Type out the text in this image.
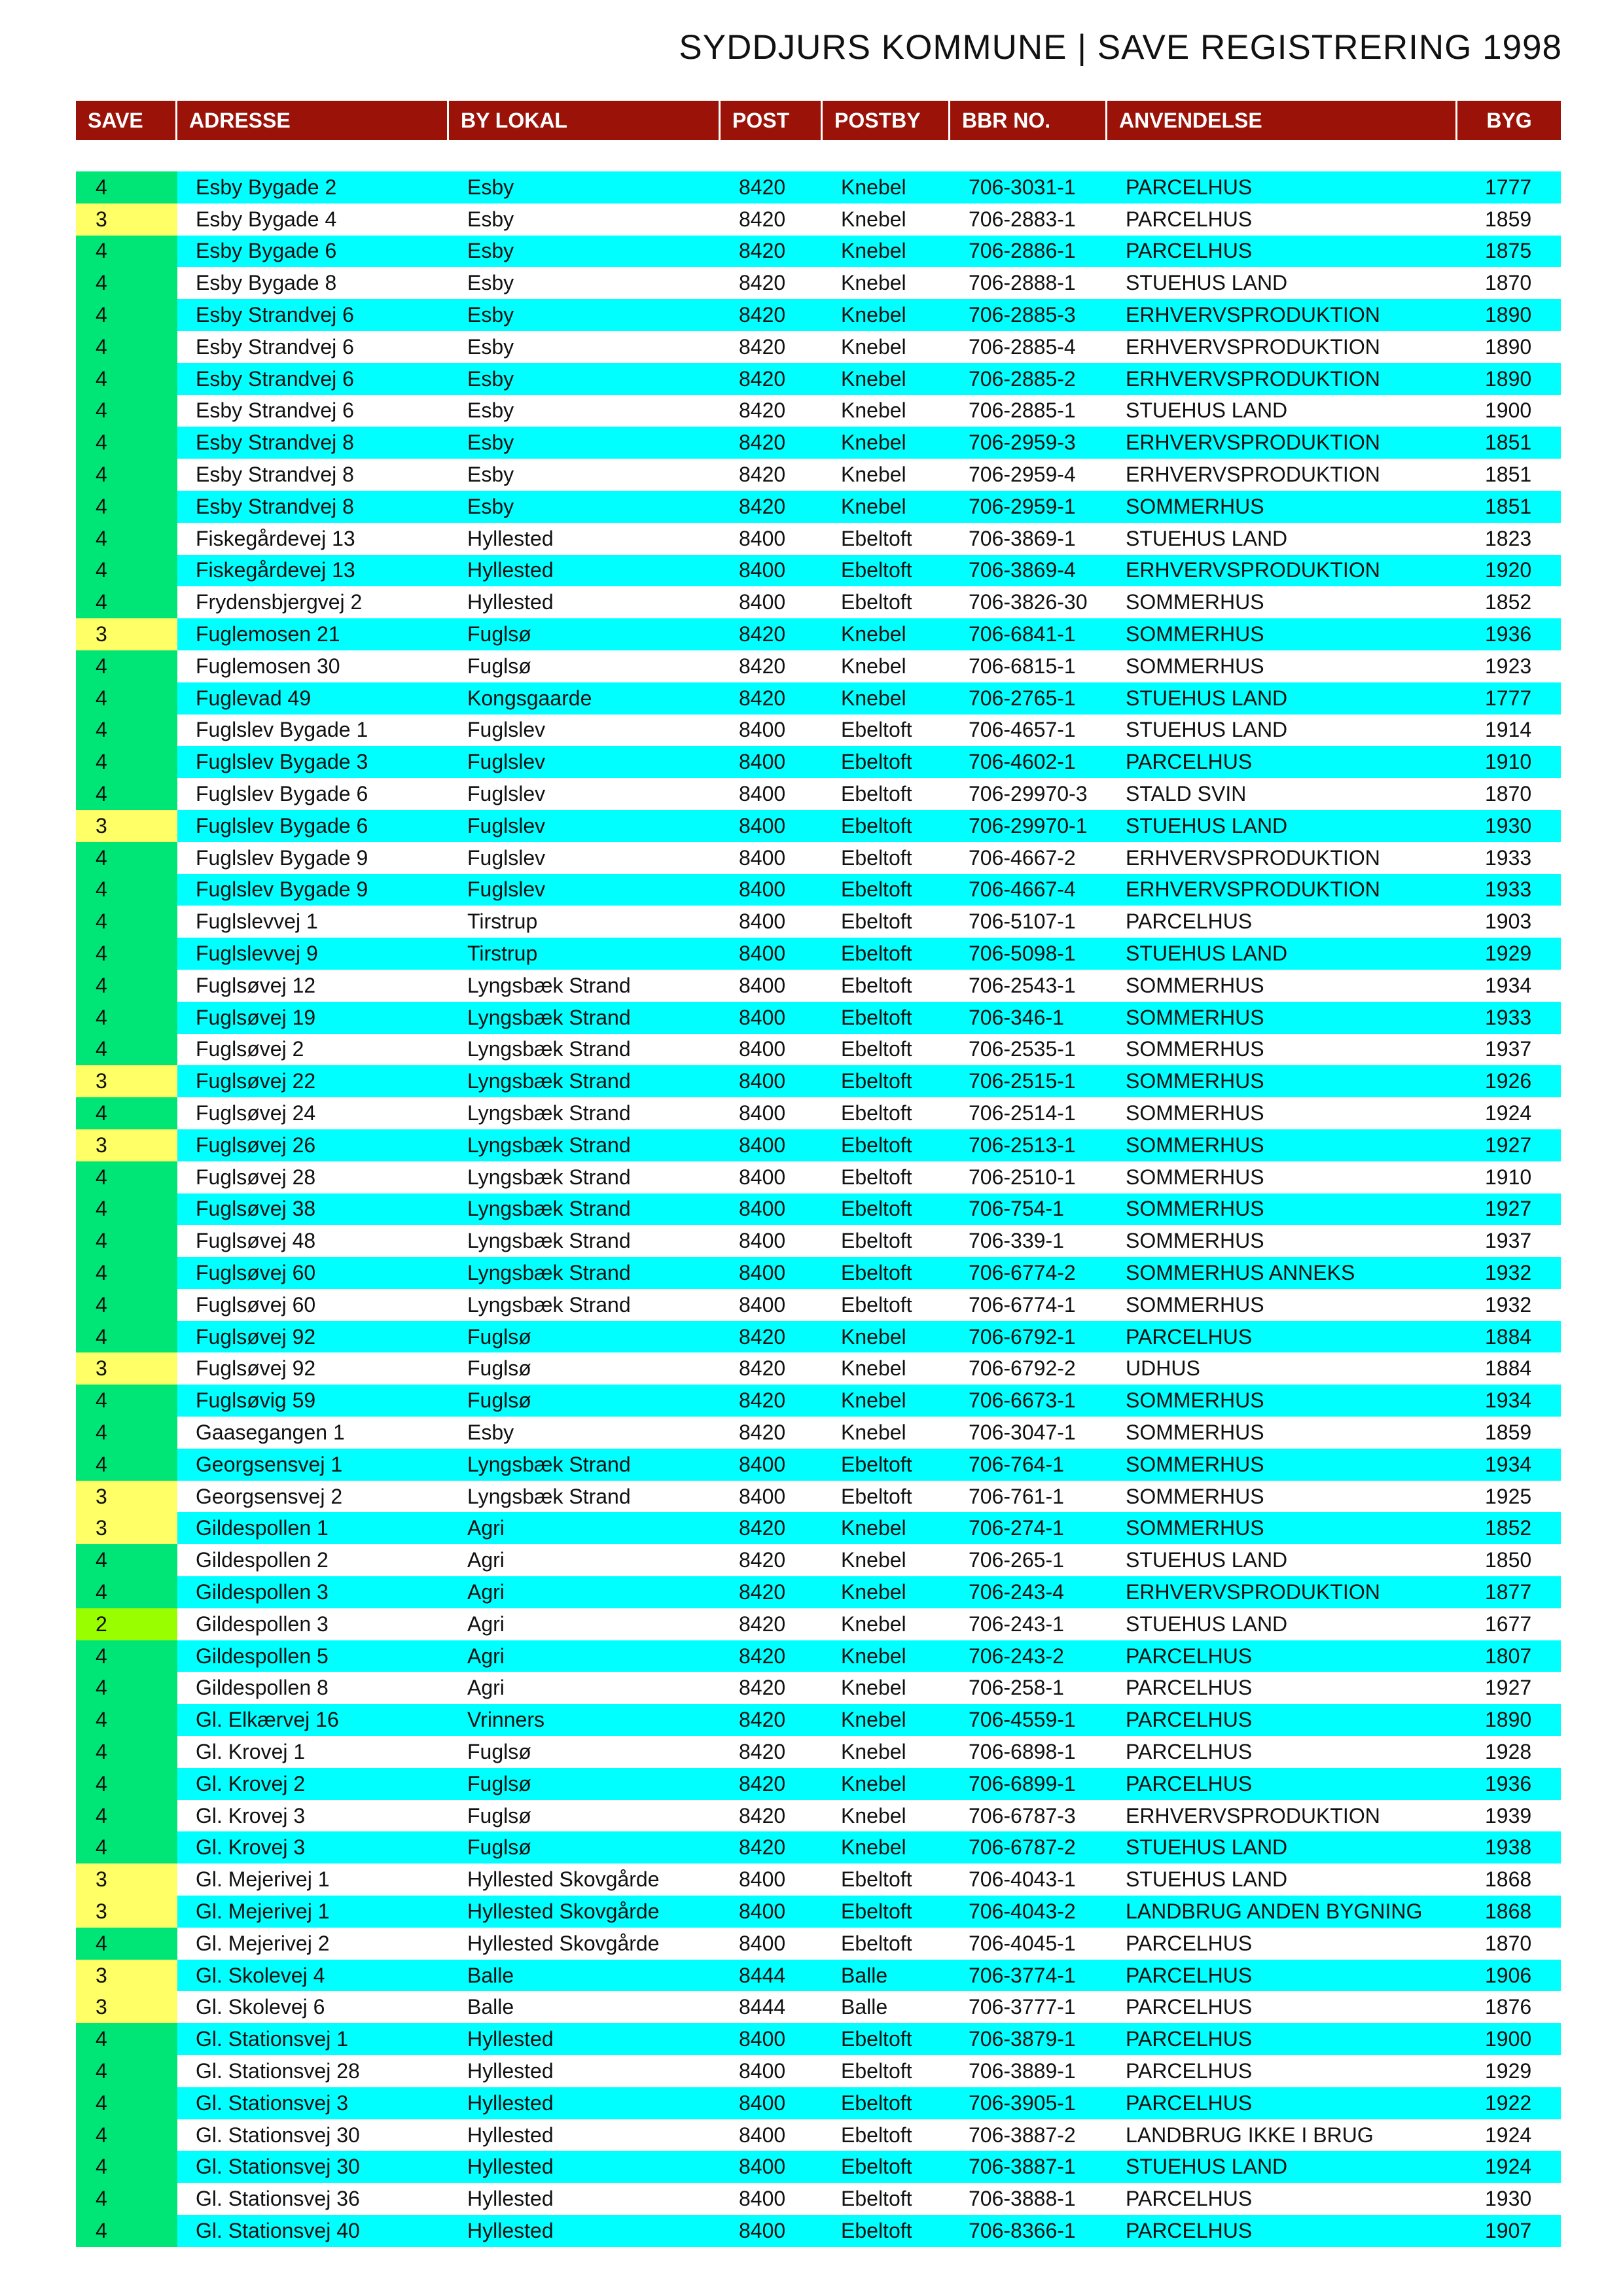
SYDDJURS KOMMUNE | SAVE REGISTRERING 1998
SAVE	ADRESSE	BY LOKAL	POST	POSTBY	BBR NO.	ANVENDELSE	BYG
4	Esby Bygade 2	Esby	8420	Knebel	706-3031-1	PARCELHUS	1777
3	Esby Bygade 4	Esby	8420	Knebel	706-2883-1	PARCELHUS	1859
4	Esby Bygade 6	Esby	8420	Knebel	706-2886-1	PARCELHUS	1875
4	Esby Bygade 8	Esby	8420	Knebel	706-2888-1	STUEHUS LAND	1870
4	Esby Strandvej 6	Esby	8420	Knebel	706-2885-3	ERHVERVSPRODUKTION	1890
4	Esby Strandvej 6	Esby	8420	Knebel	706-2885-4	ERHVERVSPRODUKTION	1890
4	Esby Strandvej 6	Esby	8420	Knebel	706-2885-2	ERHVERVSPRODUKTION	1890
4	Esby Strandvej 6	Esby	8420	Knebel	706-2885-1	STUEHUS LAND	1900
4	Esby Strandvej 8	Esby	8420	Knebel	706-2959-3	ERHVERVSPRODUKTION	1851
4	Esby Strandvej 8	Esby	8420	Knebel	706-2959-4	ERHVERVSPRODUKTION	1851
4	Esby Strandvej 8	Esby	8420	Knebel	706-2959-1	SOMMERHUS	1851
4	Fiskegårdevej 13	Hyllested	8400	Ebeltoft	706-3869-1	STUEHUS LAND	1823
4	Fiskegårdevej 13	Hyllested	8400	Ebeltoft	706-3869-4	ERHVERVSPRODUKTION	1920
4	Frydensbjergvej 2	Hyllested	8400	Ebeltoft	706-3826-30	SOMMERHUS	1852
3	Fuglemosen 21	Fuglsø	8420	Knebel	706-6841-1	SOMMERHUS	1936
4	Fuglemosen 30	Fuglsø	8420	Knebel	706-6815-1	SOMMERHUS	1923
4	Fuglevad 49	Kongsgaarde	8420	Knebel	706-2765-1	STUEHUS LAND	1777
4	Fuglslev Bygade 1	Fuglslev	8400	Ebeltoft	706-4657-1	STUEHUS LAND	1914
4	Fuglslev Bygade 3	Fuglslev	8400	Ebeltoft	706-4602-1	PARCELHUS	1910
4	Fuglslev Bygade 6	Fuglslev	8400	Ebeltoft	706-29970-3	STALD SVIN	1870
3	Fuglslev Bygade 6	Fuglslev	8400	Ebeltoft	706-29970-1	STUEHUS LAND	1930
4	Fuglslev Bygade 9	Fuglslev	8400	Ebeltoft	706-4667-2	ERHVERVSPRODUKTION	1933
4	Fuglslev Bygade 9	Fuglslev	8400	Ebeltoft	706-4667-4	ERHVERVSPRODUKTION	1933
4	Fuglslevvej 1	Tirstrup	8400	Ebeltoft	706-5107-1	PARCELHUS	1903
4	Fuglslevvej 9	Tirstrup	8400	Ebeltoft	706-5098-1	STUEHUS LAND	1929
4	Fuglsøvej 12	Lyngsbæk Strand	8400	Ebeltoft	706-2543-1	SOMMERHUS	1934
4	Fuglsøvej 19	Lyngsbæk Strand	8400	Ebeltoft	706-346-1	SOMMERHUS	1933
4	Fuglsøvej 2	Lyngsbæk Strand	8400	Ebeltoft	706-2535-1	SOMMERHUS	1937
3	Fuglsøvej 22	Lyngsbæk Strand	8400	Ebeltoft	706-2515-1	SOMMERHUS	1926
4	Fuglsøvej 24	Lyngsbæk Strand	8400	Ebeltoft	706-2514-1	SOMMERHUS	1924
3	Fuglsøvej 26	Lyngsbæk Strand	8400	Ebeltoft	706-2513-1	SOMMERHUS	1927
4	Fuglsøvej 28	Lyngsbæk Strand	8400	Ebeltoft	706-2510-1	SOMMERHUS	1910
4	Fuglsøvej 38	Lyngsbæk Strand	8400	Ebeltoft	706-754-1	SOMMERHUS	1927
4	Fuglsøvej 48	Lyngsbæk Strand	8400	Ebeltoft	706-339-1	SOMMERHUS	1937
4	Fuglsøvej 60	Lyngsbæk Strand	8400	Ebeltoft	706-6774-2	SOMMERHUS ANNEKS	1932
4	Fuglsøvej 60	Lyngsbæk Strand	8400	Ebeltoft	706-6774-1	SOMMERHUS	1932
4	Fuglsøvej 92	Fuglsø	8420	Knebel	706-6792-1	PARCELHUS	1884
3	Fuglsøvej 92	Fuglsø	8420	Knebel	706-6792-2	UDHUS	1884
4	Fuglsøvig 59	Fuglsø	8420	Knebel	706-6673-1	SOMMERHUS	1934
4	Gaasegangen 1	Esby	8420	Knebel	706-3047-1	SOMMERHUS	1859
4	Georgsensvej 1	Lyngsbæk Strand	8400	Ebeltoft	706-764-1	SOMMERHUS	1934
3	Georgsensvej 2	Lyngsbæk Strand	8400	Ebeltoft	706-761-1	SOMMERHUS	1925
3	Gildespollen 1	Agri	8420	Knebel	706-274-1	SOMMERHUS	1852
4	Gildespollen 2	Agri	8420	Knebel	706-265-1	STUEHUS LAND	1850
4	Gildespollen 3	Agri	8420	Knebel	706-243-4	ERHVERVSPRODUKTION	1877
2	Gildespollen 3	Agri	8420	Knebel	706-243-1	STUEHUS LAND	1677
4	Gildespollen 5	Agri	8420	Knebel	706-243-2	PARCELHUS	1807
4	Gildespollen 8	Agri	8420	Knebel	706-258-1	PARCELHUS	1927
4	Gl. Elkærvej 16	Vrinners	8420	Knebel	706-4559-1	PARCELHUS	1890
4	Gl. Krovej 1	Fuglsø	8420	Knebel	706-6898-1	PARCELHUS	1928
4	Gl. Krovej 2	Fuglsø	8420	Knebel	706-6899-1	PARCELHUS	1936
4	Gl. Krovej 3	Fuglsø	8420	Knebel	706-6787-3	ERHVERVSPRODUKTION	1939
4	Gl. Krovej 3	Fuglsø	8420	Knebel	706-6787-2	STUEHUS LAND	1938
3	Gl. Mejerivej 1	Hyllested Skovgårde	8400	Ebeltoft	706-4043-1	STUEHUS LAND	1868
3	Gl. Mejerivej 1	Hyllested Skovgårde	8400	Ebeltoft	706-4043-2	LANDBRUG ANDEN BYGNING	1868
4	Gl. Mejerivej 2	Hyllested Skovgårde	8400	Ebeltoft	706-4045-1	PARCELHUS	1870
3	Gl. Skolevej 4	Balle	8444	Balle	706-3774-1	PARCELHUS	1906
3	Gl. Skolevej 6	Balle	8444	Balle	706-3777-1	PARCELHUS	1876
4	Gl. Stationsvej 1	Hyllested	8400	Ebeltoft	706-3879-1	PARCELHUS	1900
4	Gl. Stationsvej 28	Hyllested	8400	Ebeltoft	706-3889-1	PARCELHUS	1929
4	Gl. Stationsvej 3	Hyllested	8400	Ebeltoft	706-3905-1	PARCELHUS	1922
4	Gl. Stationsvej 30	Hyllested	8400	Ebeltoft	706-3887-2	LANDBRUG IKKE I BRUG	1924
4	Gl. Stationsvej 30	Hyllested	8400	Ebeltoft	706-3887-1	STUEHUS LAND	1924
4	Gl. Stationsvej 36	Hyllested	8400	Ebeltoft	706-3888-1	PARCELHUS	1930
4	Gl. Stationsvej 40	Hyllested	8400	Ebeltoft	706-8366-1	PARCELHUS	1907
